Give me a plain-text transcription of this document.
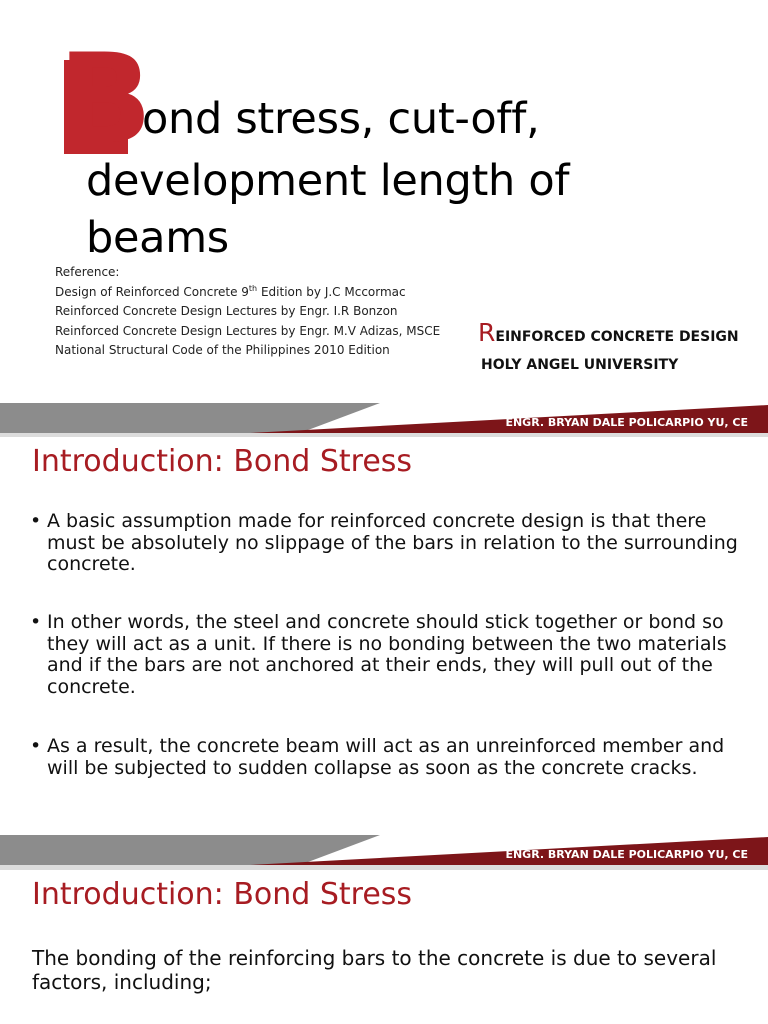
B
ond stress, cut-off,
development length of
beams
Reference:
Design of Reinforced Concrete 9th Edition by J.C Mccormac
Reinforced Concrete Design Lectures by Engr. I.R Bonzon
Reinforced Concrete Design Lectures by Engr. M.V Adizas, MSCE
National Structural Code of the Philippines 2010 Edition
REINFORCED CONCRETE DESIGN
HOLY ANGEL UNIVERSITY
ENGR. BRYAN DALE POLICARPIO YU, CE
Introduction: Bond Stress
• A basic assumption made for reinforced concrete design is that there must be absolutely no slippage of the bars in relation to the surrounding concrete.
• In other words, the steel and concrete should stick together or bond so they will act as a unit. If there is no bonding between the two materials and if the bars are not anchored at their ends, they will pull out of the concrete.
• As a result, the concrete beam will act as an unreinforced member and will be subjected to sudden collapse as soon as the concrete cracks.
ENGR. BRYAN DALE POLICARPIO YU, CE
Introduction: Bond Stress
The bonding of the reinforcing bars to the concrete is due to several factors, including;
